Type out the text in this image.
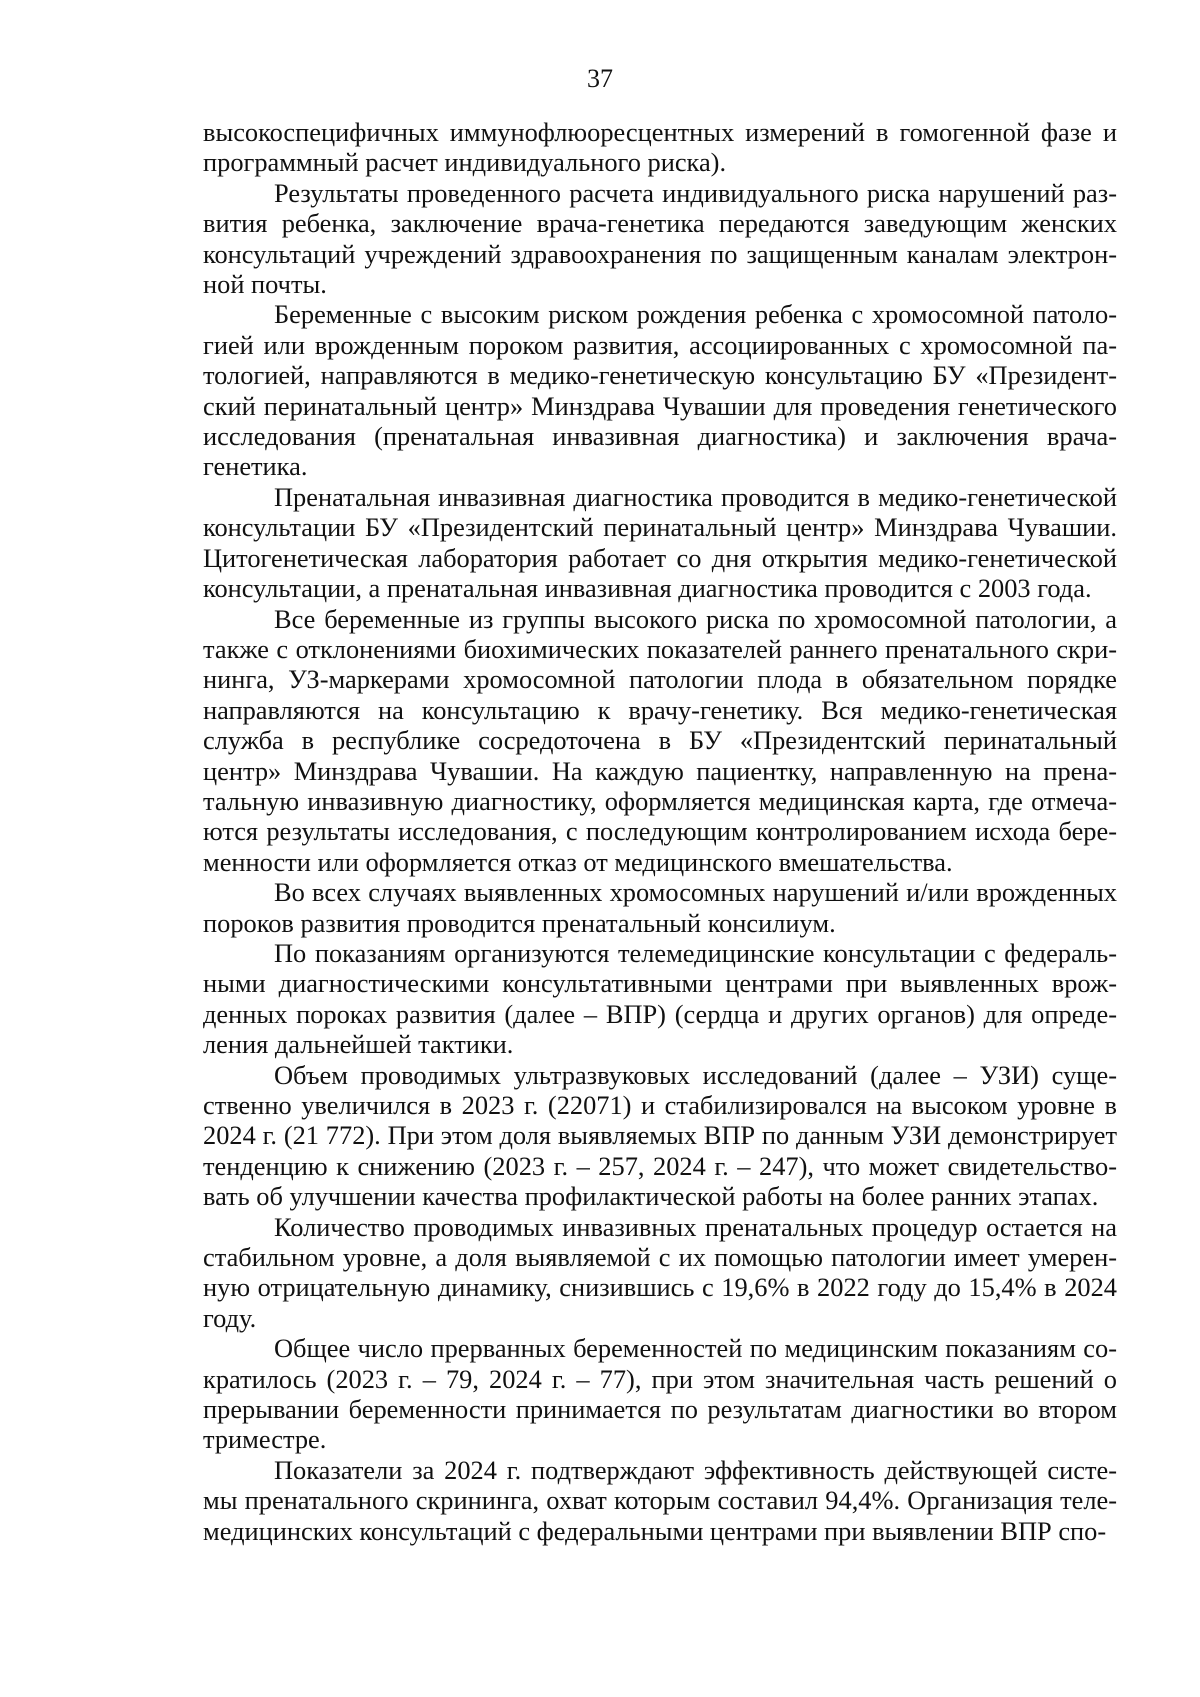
37

высокоспецифичных иммунофлюоресцентных измерений в гомогенной фазе и программный расчет индивидуального риска).

Результаты проведенного расчета индивидуального риска нарушений развития ребенка, заключение врача-генетика передаются заведующим женских консультаций учреждений здравоохранения по защищенным каналам электронной почты.

Беременные с высоким риском рождения ребенка с хромосомной патологией или врожденным пороком развития, ассоциированных с хромосомной патологией, направляются в медико-генетическую консультацию БУ «Президентский перинатальный центр» Минздрава Чувашии для проведения генетического исследования (пренатальная инвазивная диагностика) и заключения врача-генетика.

Пренатальная инвазивная диагностика проводится в медико-генетической консультации БУ «Президентский перинатальный центр» Минздрава Чувашии. Цитогенетическая лаборатория работает со дня открытия медико-генетической консультации, а пренатальная инвазивная диагностика проводится с 2003 года.

Все беременные из группы высокого риска по хромосомной патологии, а также с отклонениями биохимических показателей раннего пренатального скрининга, УЗ-маркерами хромосомной патологии плода в обязательном порядке направляются на консультацию к врачу-генетику. Вся медико-генетическая служба в республике сосредоточена в БУ «Президентский перинатальный центр» Минздрава Чувашии. На каждую пациентку, направленную на пренатальную инвазивную диагностику, оформляется медицинская карта, где отмечаются результаты исследования, с последующим контролированием исхода беременности или оформляется отказ от медицинского вмешательства.

Во всех случаях выявленных хромосомных нарушений и/или врожденных пороков развития проводится пренатальный консилиум.

По показаниям организуются телемедицинские консультации с федеральными диагностическими консультативными центрами при выявленных врожденных пороках развития (далее – ВПР) (сердца и других органов) для определения дальнейшей тактики.

Объем проводимых ультразвуковых исследований (далее – УЗИ) существенно увеличился в 2023 г. (22071) и стабилизировался на высоком уровне в 2024 г. (21 772). При этом доля выявляемых ВПР по данным УЗИ демонстрирует тенденцию к снижению (2023 г. – 257, 2024 г. – 247), что может свидетельствовать об улучшении качества профилактической работы на более ранних этапах.

Количество проводимых инвазивных пренатальных процедур остается на стабильном уровне, а доля выявляемой с их помощью патологии имеет умеренную отрицательную динамику, снизившись с 19,6% в 2022 году до 15,4% в 2024 году.

Общее число прерванных беременностей по медицинским показаниям сократилось (2023 г. – 79, 2024 г. – 77), при этом значительная часть решений о прерывании беременности принимается по результатам диагностики во втором триместре.

Показатели за 2024 г. подтверждают эффективность действующей системы пренатального скрининга, охват которым составил 94,4%. Организация телемедицинских консультаций с федеральными центрами при выявлении ВПР спо-
